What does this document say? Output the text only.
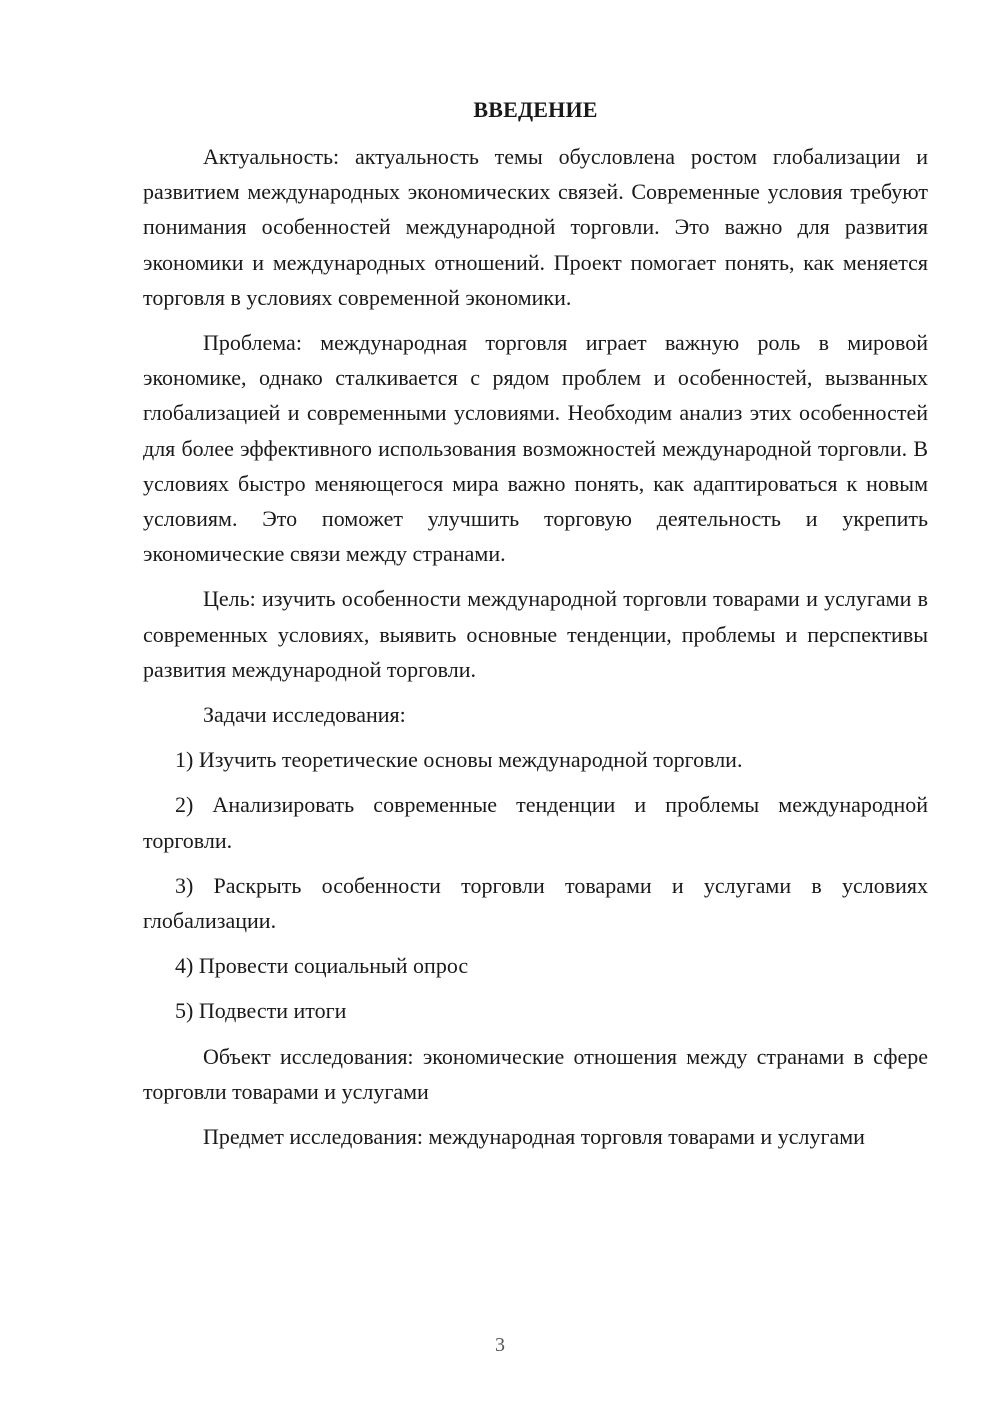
ВВЕДЕНИЕ

Актуальность: актуальность темы обусловлена ростом глобализации и развитием международных экономических связей. Современные условия требуют понимания особенностей международной торговли. Это важно для развития экономики и международных отношений. Проект помогает понять, как меняется торговля в условиях современной экономики.

Проблема: международная торговля играет важную роль в мировой экономике, однако сталкивается с рядом проблем и особенностей, вызванных глобализацией и современными условиями. Необходим анализ этих особенностей для более эффективного использования возможностей международной торговли. В условиях быстро меняющегося мира важно понять, как адаптироваться к новым условиям. Это поможет улучшить торговую деятельность и укрепить экономические связи между странами.

Цель: изучить особенности международной торговли товарами и услугами в современных условиях, выявить основные тенденции, проблемы и перспективы развития международной торговли.

Задачи исследования:

1) Изучить теоретические основы международной торговли.

2) Анализировать современные тенденции и проблемы международной торговли.

3) Раскрыть особенности торговли товарами и услугами в условиях глобализации.

4) Провести социальный опрос

5) Подвести итоги

Объект исследования: экономические отношения между странами в сфере торговли товарами и услугами

Предмет исследования: международная торговля товарами и услугами

3
